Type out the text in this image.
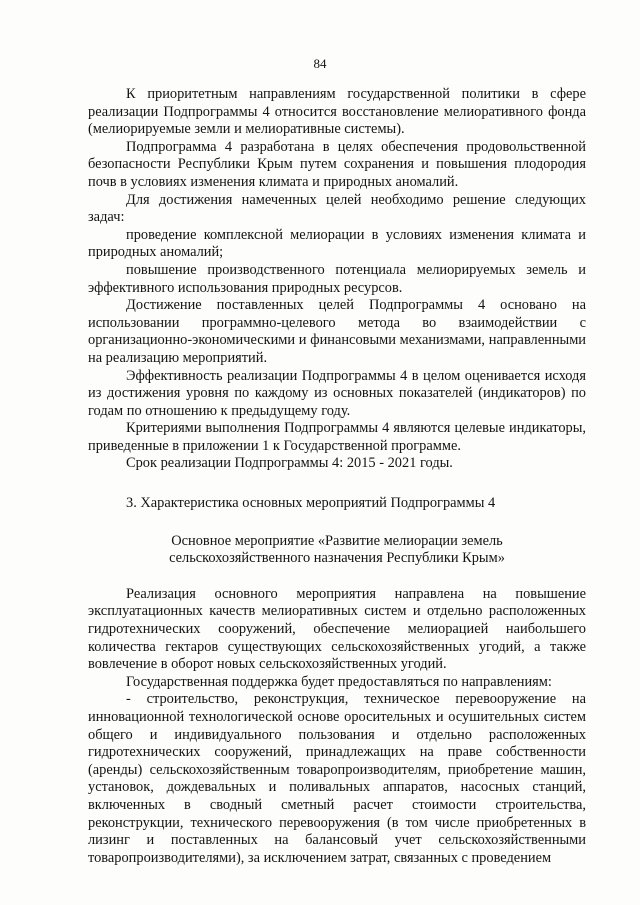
84

К приоритетным направлениям государственной политики в сфере реализации Подпрограммы 4 относится восстановление мелиоративного фонда (мелиорируемые земли и мелиоративные системы).

Подпрограмма 4 разработана в целях обеспечения продовольственной безопасности Республики Крым путем сохранения и повышения плодородия почв в условиях изменения климата и природных аномалий.

Для достижения намеченных целей необходимо решение следующих задач:

проведение комплексной мелиорации в условиях изменения климата и природных аномалий;

повышение производственного потенциала мелиорируемых земель и эффективного использования природных ресурсов.

Достижение поставленных целей Подпрограммы 4 основано на использовании программно-целевого метода во взаимодействии с организационно-экономическими и финансовыми механизмами, направленными на реализацию мероприятий.

Эффективность реализации Подпрограммы 4 в целом оценивается исходя из достижения уровня по каждому из основных показателей (индикаторов) по годам по отношению к предыдущему году.

Критериями выполнения Подпрограммы 4 являются целевые индикаторы, приведенные в приложении 1 к Государственной программе.

Срок реализации Подпрограммы 4: 2015 - 2021 годы.

3. Характеристика основных мероприятий Подпрограммы 4

Основное мероприятие «Развитие мелиорации земель
сельскохозяйственного назначения Республики Крым»

Реализация основного мероприятия направлена на повышение эксплуатационных качеств мелиоративных систем и отдельно расположенных гидротехнических сооружений, обеспечение мелиорацией наибольшего количества гектаров существующих сельскохозяйственных угодий, а также вовлечение в оборот новых сельскохозяйственных угодий.

Государственная поддержка будет предоставляться по направлениям:

- строительство, реконструкция, техническое перевооружение на инновационной технологической основе оросительных и осушительных систем общего и индивидуального пользования и отдельно расположенных гидротехнических сооружений, принадлежащих на праве собственности (аренды) сельскохозяйственным товаропроизводителям, приобретение машин, установок, дождевальных и поливальных аппаратов, насосных станций, включенных в сводный сметный расчет стоимости строительства, реконструкции, технического перевооружения (в том числе приобретенных в лизинг и поставленных на балансовый учет сельскохозяйственными товаропроизводителями), за исключением затрат, связанных с проведением
